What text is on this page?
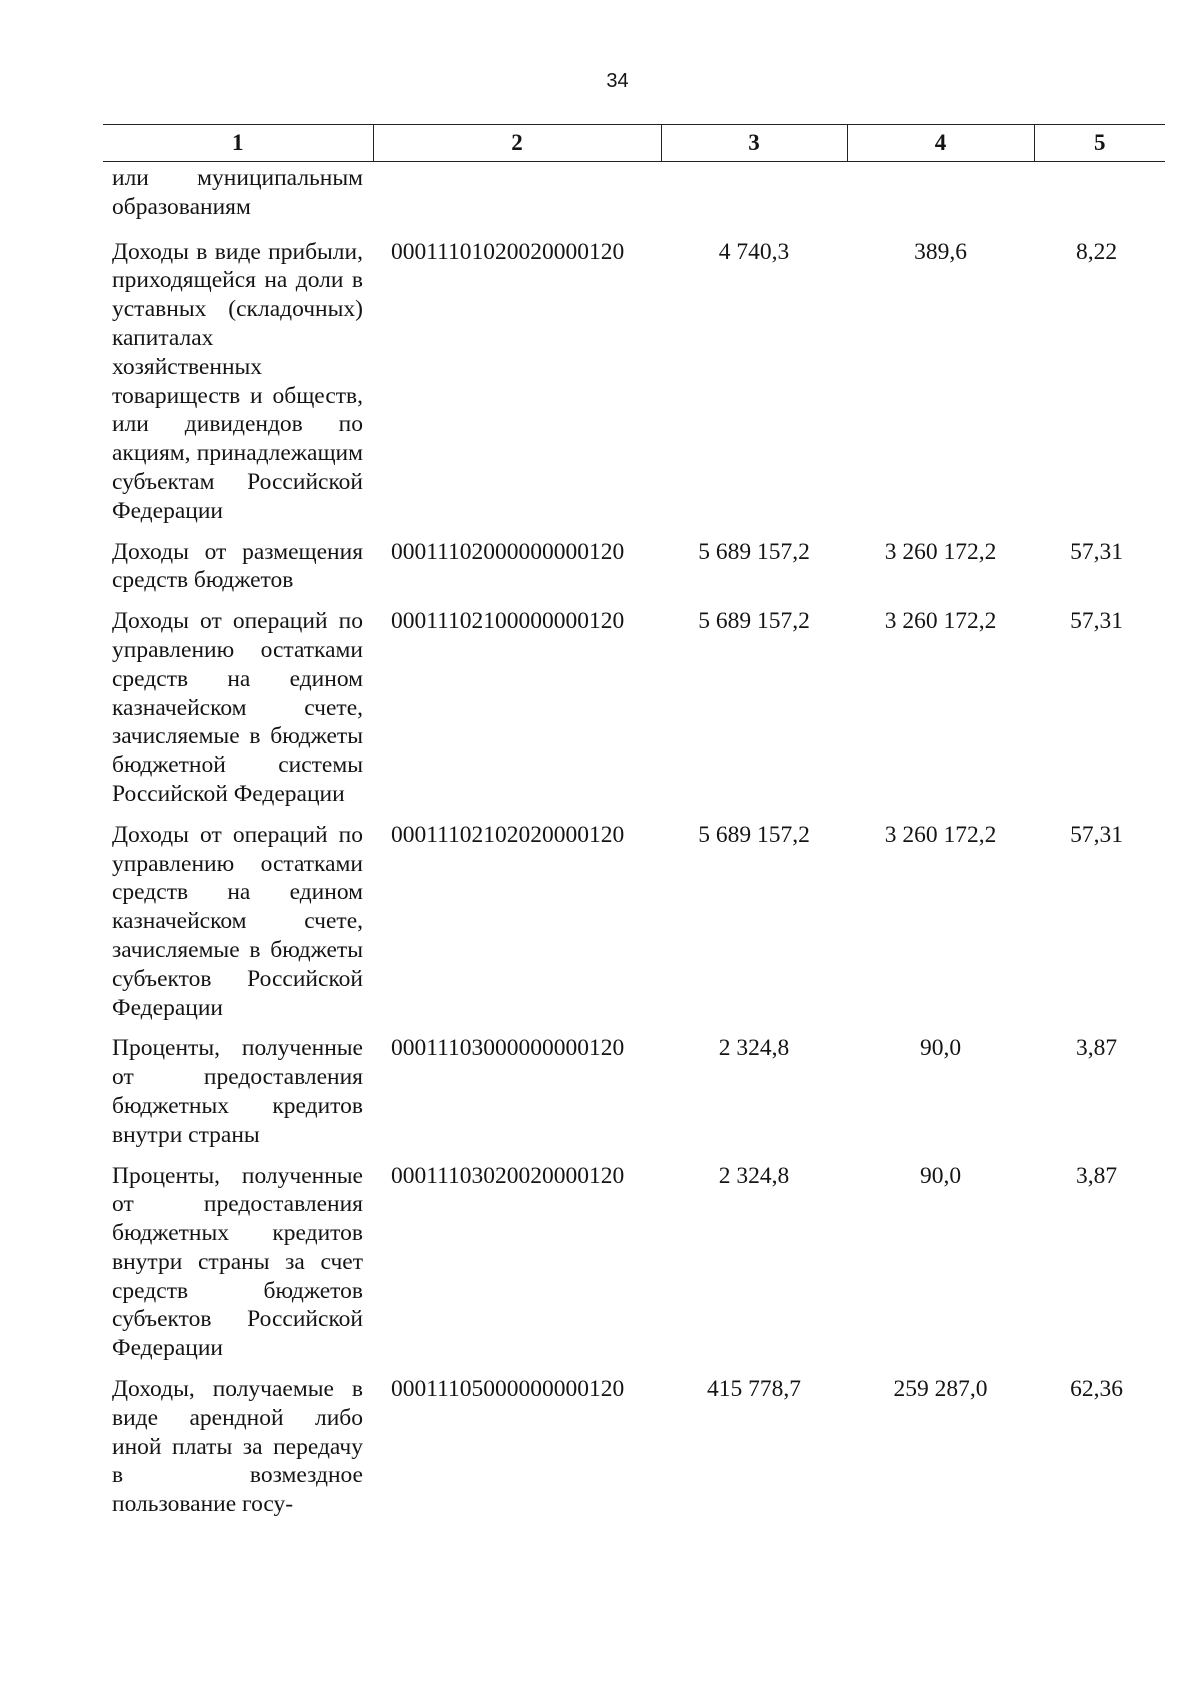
34
1	2	3	4	5
или муниципальным образованиям				
Доходы в виде прибыли, приходящейся на доли в уставных (складочных) капиталах хозяйственных товариществ и обществ, или дивидендов по акциям, принадлежащим субъектам Российской Федерации	00011101020020000120	4 740,3	389,6	8,22
Доходы от размещения средств бюджетов	00011102000000000120	5 689 157,2	3 260 172,2	57,31
Доходы от операций по управлению остатками средств на едином казначейском счете, зачисляемые в бюджеты бюджетной системы Российской Федерации	00011102100000000120	5 689 157,2	3 260 172,2	57,31
Доходы от операций по управлению остатками средств на едином казначейском счете, зачисляемые в бюджеты субъектов Российской Федерации	00011102102020000120	5 689 157,2	3 260 172,2	57,31
Проценты, полученные от предоставления бюджетных кредитов внутри страны	00011103000000000120	2 324,8	90,0	3,87
Проценты, полученные от предоставления бюджетных кредитов внутри страны за счет средств бюджетов субъектов Российской Федерации	00011103020020000120	2 324,8	90,0	3,87
Доходы, получаемые в виде арендной либо иной платы за передачу в возмездное пользование госу-	00011105000000000120	415 778,7	259 287,0	62,36
